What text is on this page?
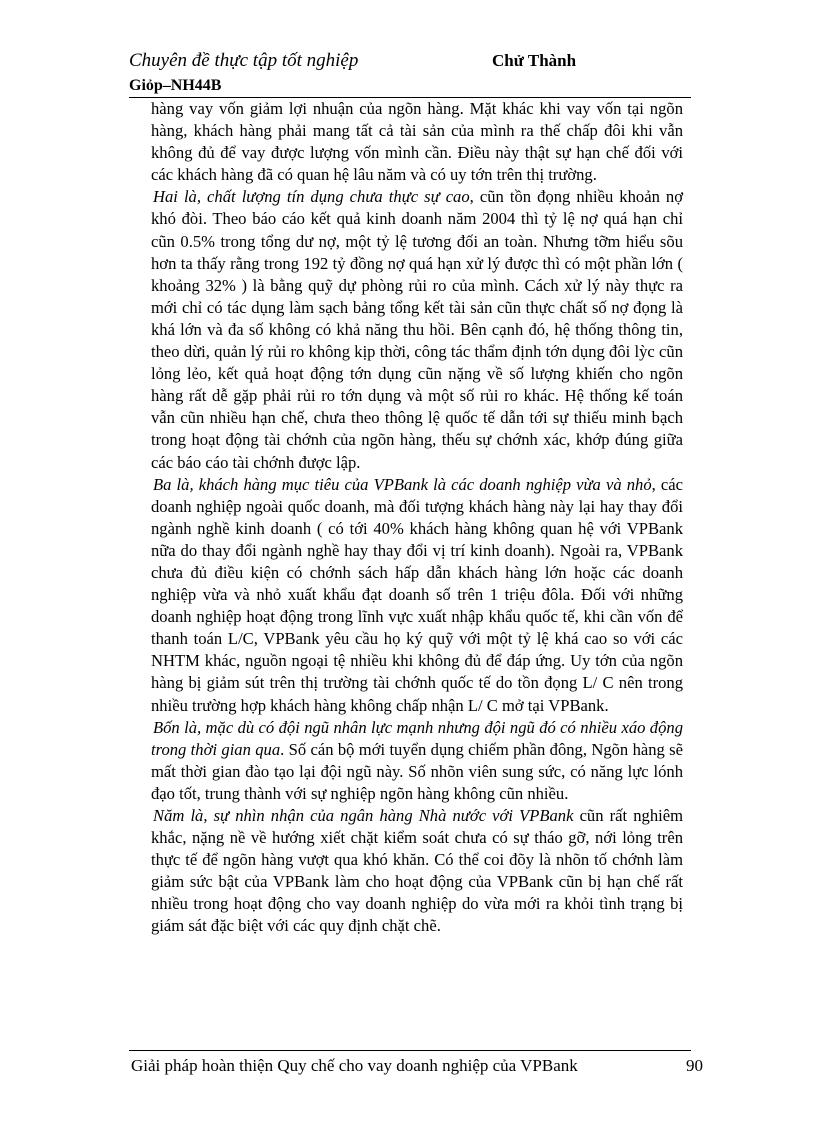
Chuyên đề thực tập tốt nghiệp	Chử Thành
Giỏp–NH44B

hàng vay vốn giảm lợi nhuận của ngõn hàng. Mặt khác khi vay vốn tại ngõn hàng, khách hàng phải mang tất cả tài sản của mình ra thế chấp đôi khi vẫn không đủ để vay được lượng vốn mình cần. Điều này thật sự hạn chế đối với các khách hàng đã có quan hệ lâu năm và có uy tớn trên thị trường.

Hai là, chất lượng tín dụng chưa thực sự cao, cũn tồn đọng nhiều khoản nợ khó đòi. Theo báo cáo kết quả kinh doanh năm 2004 thì tỷ lệ nợ quá hạn chỉ cũn 0.5% trong tổng dư nợ, một tỷ lệ tương đối an toàn. Nhưng tỡm hiểu sõu hơn ta thấy rằng trong 192 tỷ đồng nợ quá hạn xử lý được thì có một phần lớn ( khoảng 32% ) là bằng quỹ dự phòng rủi ro của mình. Cách xử lý này thực ra mới chỉ có tác dụng làm sạch bảng tổng kết tài sản cũn thực chất số nợ đọng là khá lớn và đa số không có khả năng thu hồi. Bên cạnh đó, hệ thống thông tin, theo dừi, quản lý rủi ro không kịp thời, công tác thẩm định tớn dụng đôi lỳc cũn lỏng lẻo, kết quả hoạt động tớn dụng cũn nặng về số lượng khiến cho ngõn hàng rất dễ gặp phải rủi ro tớn dụng và một số rủi ro khác. Hệ thống kế toán vẫn cũn nhiều hạn chế, chưa theo thông lệ quốc tế dẫn tới sự thiếu minh bạch trong hoạt động tài chớnh của ngõn hàng, thếu sự chớnh xác, khớp đúng giữa các báo cáo tài chớnh được lập.

Ba là, khách hàng mục tiêu của VPBank là các doanh nghiệp vừa và nhỏ, các doanh nghiệp ngoài quốc doanh, mà đối tượng khách hàng này lại hay thay đổi ngành nghề kinh doanh ( có tới 40% khách hàng không quan hệ với VPBank nữa do thay đổi ngành nghề hay thay đổi vị trí kinh doanh). Ngoài ra, VPBank chưa đủ điều kiện có chớnh sách hấp dẫn khách hàng lớn hoặc các doanh nghiệp vừa và nhỏ xuất khẩu đạt doanh số trên 1 triệu đôla. Đối với những doanh nghiệp hoạt động trong lĩnh vực xuất nhập khẩu quốc tế, khi cần vốn để thanh toán L/C, VPBank yêu cầu họ ký quỹ với một tỷ lệ khá cao so với các NHTM khác, nguồn ngoại tệ nhiều khi không đủ để đáp ứng. Uy tớn của ngõn hàng bị giảm sút trên thị trường tài chớnh quốc tế do tồn đọng L/ C nên trong nhiều trường hợp khách hàng không chấp nhận L/ C mở tại VPBank.

Bốn là, mặc dù có đội ngũ nhân lực mạnh nhưng đội ngũ đó có nhiều xáo động trong thời gian qua. Số cán bộ mới tuyển dụng chiếm phần đông, Ngõn hàng sẽ mất thời gian đào tạo lại đội ngũ này. Số nhõn viên sung sức, có năng lực lónh đạo tốt, trung thành với sự nghiệp ngõn hàng không cũn nhiều.

Năm là, sự nhìn nhận của ngân hàng Nhà nước với VPBank cũn rất nghiêm khắc, nặng nề về hướng xiết chặt kiểm soát chưa có sự tháo gỡ, nới lỏng trên thực tế để ngõn hàng vượt qua khó khăn. Có thể coi đõy là nhõn tố chớnh làm giảm sức bật của VPBank làm cho hoạt động của VPBank cũn bị hạn chế rất nhiều trong hoạt động cho vay doanh nghiệp do vừa mới ra khỏi tình trạng bị giám sát đặc biệt với các quy định chặt chẽ.

Giải pháp hoàn thiện Quy chế cho vay doanh nghiệp của VPBank	90
